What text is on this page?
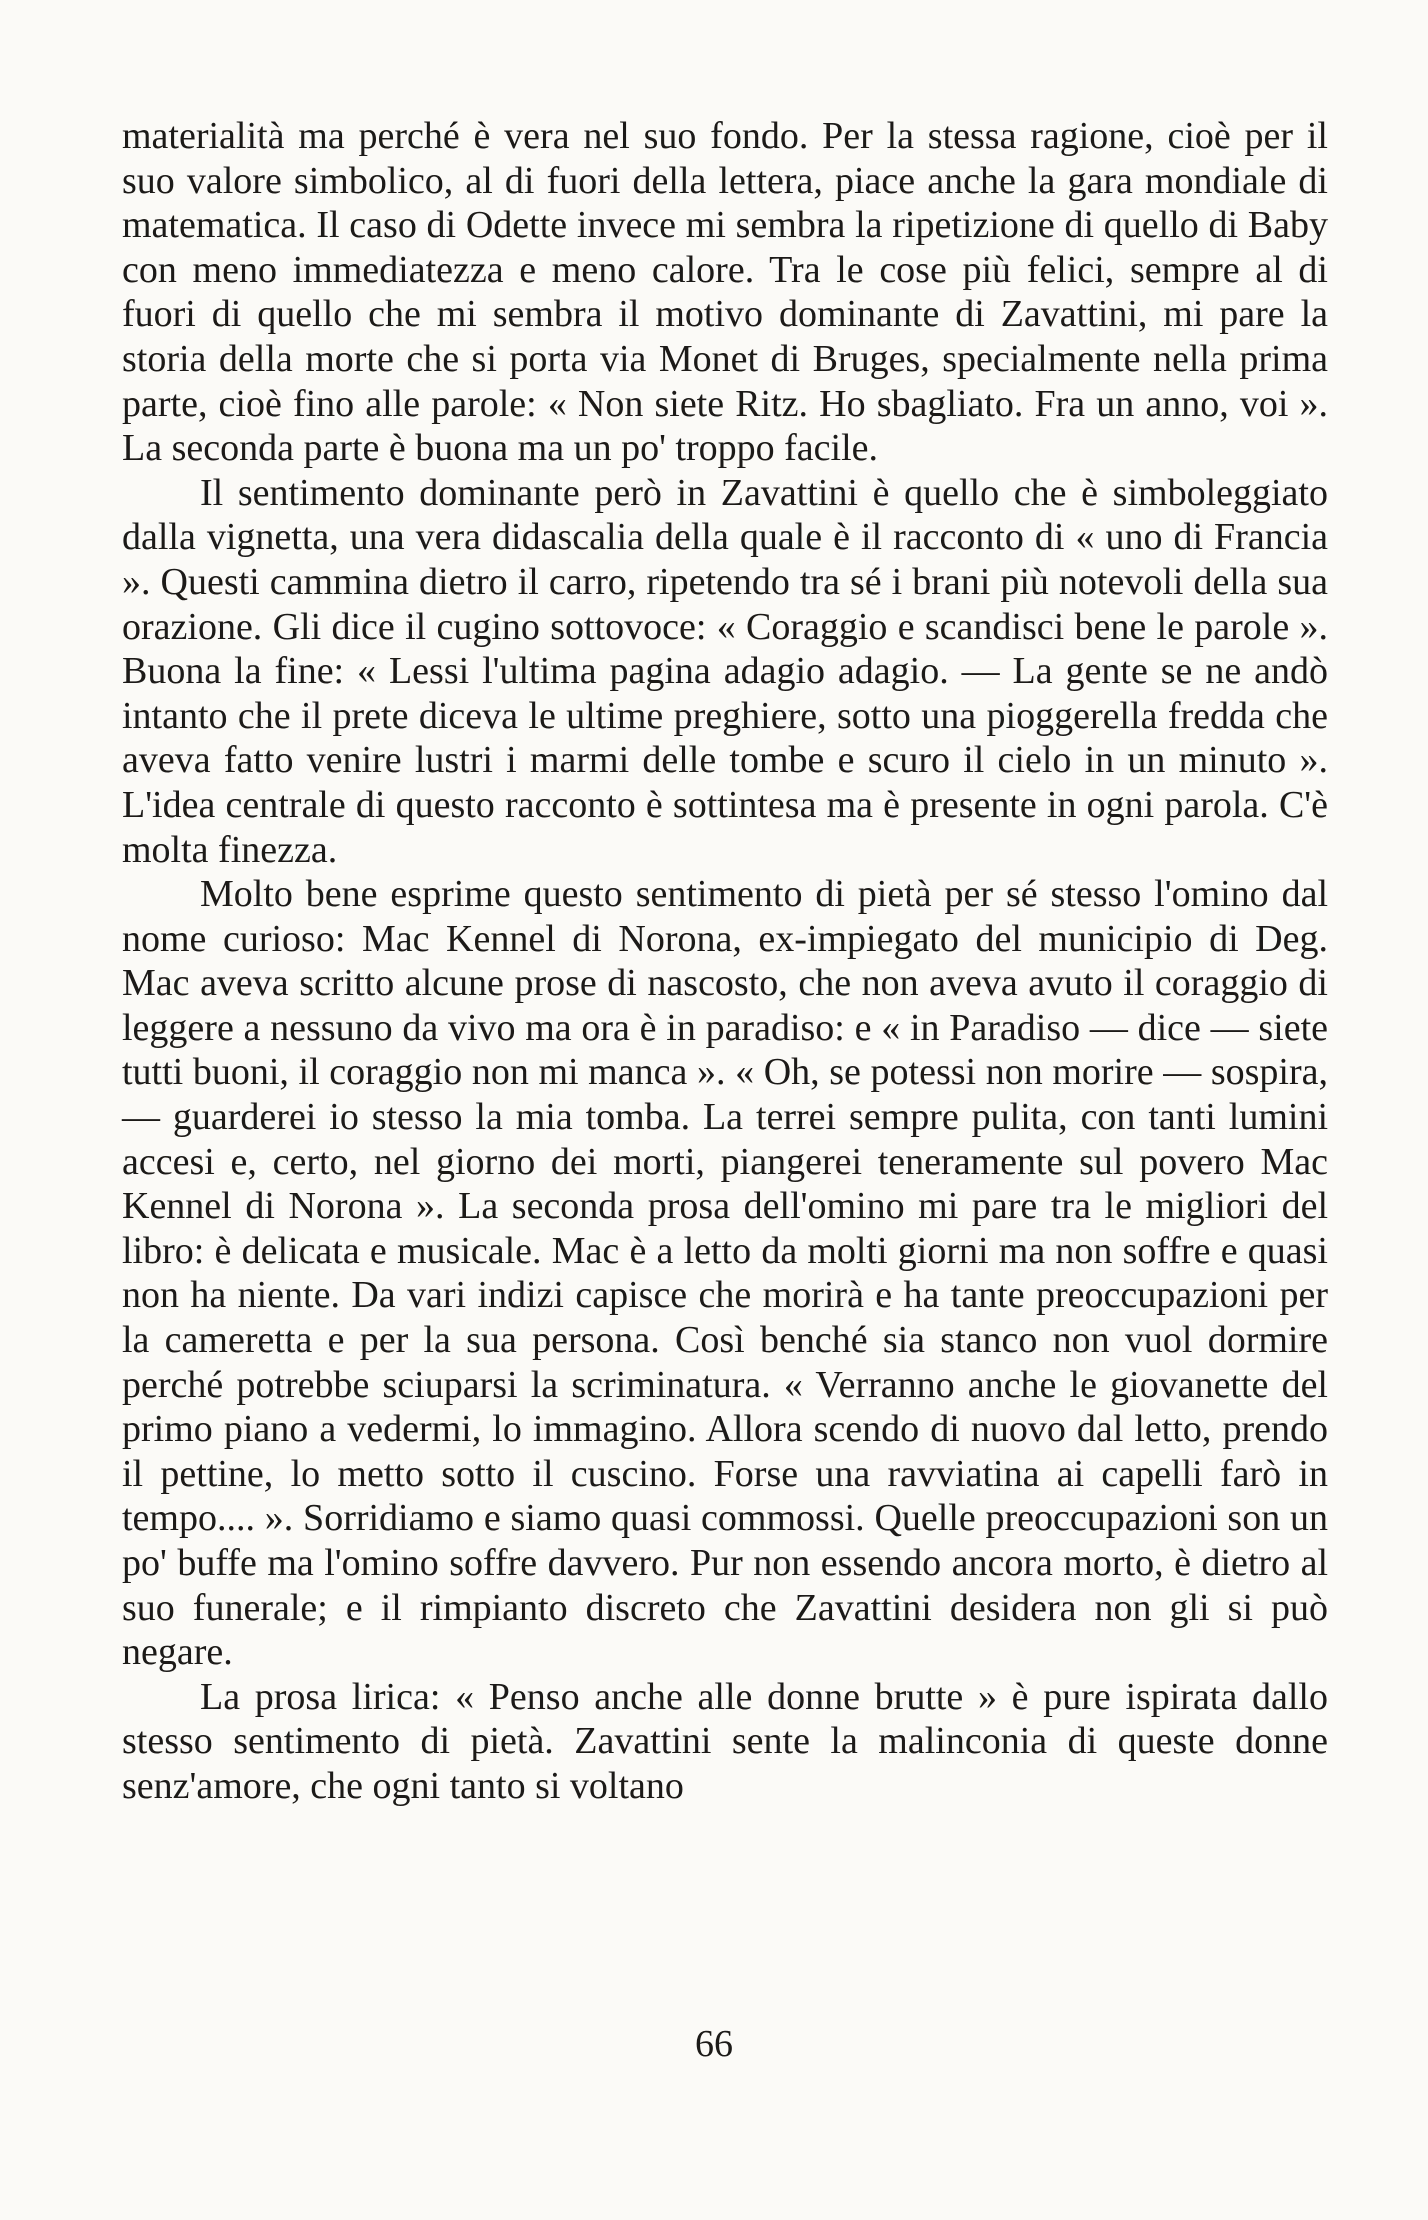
materialità ma perché è vera nel suo fondo. Per la stessa ragione, cioè per il suo valore simbolico, al di fuori della lettera, piace anche la gara mondiale di matematica. Il caso di Odette invece mi sembra la ripetizione di quello di Baby con meno immediatezza e meno calore. Tra le cose più felici, sempre al di fuori di quello che mi sembra il motivo dominante di Zavattini, mi pare la storia della morte che si porta via Monet di Bruges, specialmente nella prima parte, cioè fino alle parole: « Non siete Ritz. Ho sbagliato. Fra un anno, voi ». La seconda parte è buona ma un po' troppo facile.

Il sentimento dominante però in Zavattini è quello che è simboleggiato dalla vignetta, una vera didascalia della quale è il racconto di « uno di Francia ». Questi cammina dietro il carro, ripetendo tra sé i brani più notevoli della sua orazione. Gli dice il cugino sottovoce: « Coraggio e scandisci bene le parole ». Buona la fine: « Lessi l'ultima pagina adagio adagio. — La gente se ne andò intanto che il prete diceva le ultime preghiere, sotto una pioggerella fredda che aveva fatto venire lustri i marmi delle tombe e scuro il cielo in un minuto ». L'idea centrale di questo racconto è sottintesa ma è presente in ogni parola. C'è molta finezza.

Molto bene esprime questo sentimento di pietà per sé stesso l'omino dal nome curioso: Mac Kennel di Norona, ex-impiegato del municipio di Deg. Mac aveva scritto alcune prose di nascosto, che non aveva avuto il coraggio di leggere a nessuno da vivo ma ora è in paradiso: e « in Paradiso — dice — siete tutti buoni, il coraggio non mi manca ». « Oh, se potessi non morire — sospira, — guarderei io stesso la mia tomba. La terrei sempre pulita, con tanti lumini accesi e, certo, nel giorno dei morti, piangerei teneramente sul povero Mac Kennel di Norona ». La seconda prosa dell'omino mi pare tra le migliori del libro: è delicata e musicale. Mac è a letto da molti giorni ma non soffre e quasi non ha niente. Da vari indizi capisce che morirà e ha tante preoccupazioni per la cameretta e per la sua persona. Così benché sia stanco non vuol dormire perché potrebbe sciuparsi la scriminatura. « Verranno anche le giovanette del primo piano a vedermi, lo immagino. Allora scendo di nuovo dal letto, prendo il pettine, lo metto sotto il cuscino. Forse una ravviatina ai capelli farò in tempo.... ». Sorridiamo e siamo quasi commossi. Quelle preoccupazioni son un po' buffe ma l'omino soffre davvero. Pur non essendo ancora morto, è dietro al suo funerale; e il rimpianto discreto che Zavattini desidera non gli si può negare.

La prosa lirica: « Penso anche alle donne brutte » è pure ispirata dallo stesso sentimento di pietà. Zavattini sente la malinconia di queste donne senz'amore, che ogni tanto si voltano

66
